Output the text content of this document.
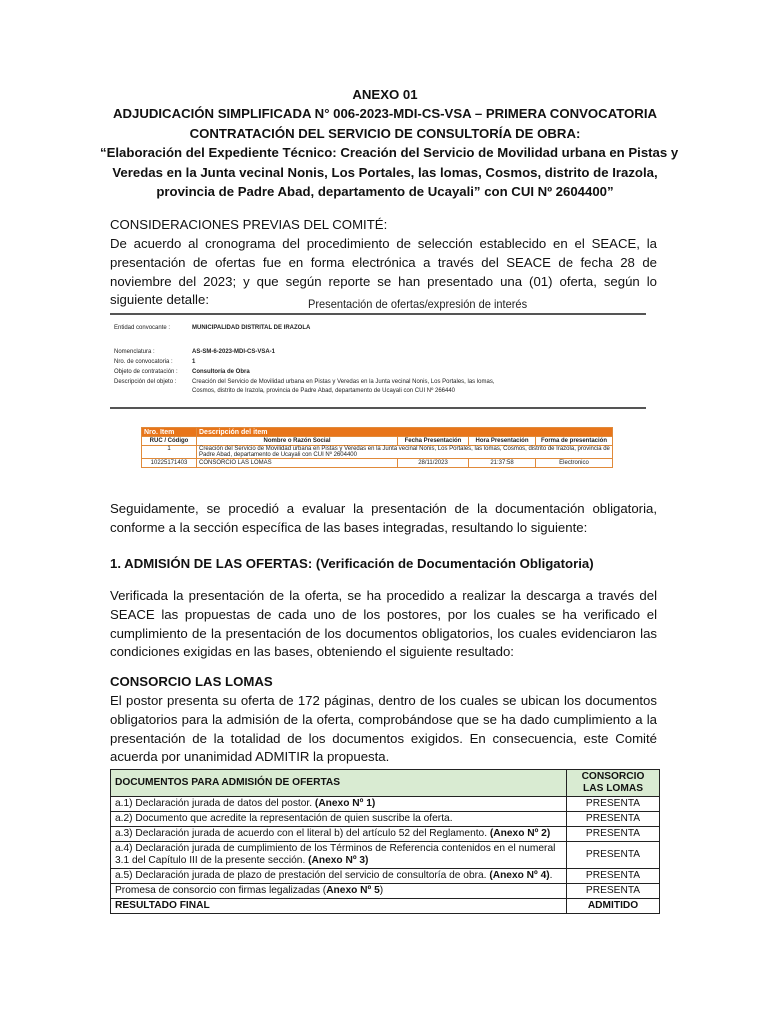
ANEXO 01
ADJUDICACIÓN SIMPLIFICADA N° 006-2023-MDI-CS-VSA – PRIMERA CONVOCATORIA
CONTRATACIÓN DEL SERVICIO DE CONSULTORÍA DE OBRA:
“Elaboración del Expediente Técnico: Creación del Servicio de Movilidad urbana en Pistas y
Veredas en la Junta vecinal Nonis, Los Portales, las lomas, Cosmos, distrito de Irazola,
provincia de Padre Abad, departamento de Ucayali” con CUI Nº 2604400”
CONSIDERACIONES PREVIAS DEL COMITÉ:
De acuerdo al cronograma del procedimiento de selección establecido en el SEACE, la presentación de ofertas fue en forma electrónica a través del SEACE de fecha 28 de noviembre del 2023; y que según reporte se han presentado una (01) oferta, según lo siguiente detalle:	Presentación de ofertas/expresión de interés
Entidad convocante :	MUNICIPALIDAD DISTRITAL DE IRAZOLA
Nomenclatura :	AS-SM-6-2023-MDI-CS-VSA-1
Nro. de convocatoria :	1
Objeto de contratación : Consultoría de Obra
Descripción del objeto :	Creación del Servicio de Movilidad urbana en Pistas y Veredas en la Junta vecinal Nonis, Los Portales, las lomas,
Cosmos, distrito de Irazola, provincia de Padre Abad, departamento de Ucayali con CUI Nº 266440
Nro. Item	Descripción del item			
RUC / Código	Nombre o Razón Social	Fecha Presentación	Hora Presentación	Forma de presentación
1	Creación del Servicio de Movilidad urbana en Pistas y Veredas en la Junta vecinal Nonis, Los Portales, las lomas, Cosmos, distrito de Irazola, provincia de
Padre Abad, departamento de Ucayali con CUI Nº 2604400			

10225171403	CONSORCIO LAS LOMAS	28/11/2023	21:37:58	Electronico
Seguidamente, se procedió a evaluar la presentación de la documentación obligatoria, conforme a la sección específica de las bases integradas, resultando lo siguiente:
1. ADMISIÓN DE LAS OFERTAS: (Verificación de Documentación Obligatoria)
Verificada la presentación de la oferta, se ha procedido a realizar la descarga a través del SEACE las propuestas de cada uno de los postores, por los cuales se ha verificado el cumplimiento de la presentación de los documentos obligatorios, los cuales evidenciaron las condiciones exigidas en las bases, obteniendo el siguiente resultado:
CONSORCIO LAS LOMAS
El postor presenta su oferta de 172 páginas, dentro de los cuales se ubican los documentos obligatorios para la admisión de la oferta, comprobándose que se ha dado cumplimiento a la presentación de la totalidad de los documentos exigidos. En consecuencia, este Comité acuerda por unanimidad ADMITIR la propuesta.
DOCUMENTOS PARA ADMISIÓN DE OFERTAS	CONSORCIO LAS LOMAS
a.1) Declaración jurada de datos del postor. (Anexo Nº 1)	PRESENTA
a.2) Documento que acredite la representación de quien suscribe la oferta.	PRESENTA
a.3) Declaración jurada de acuerdo con el literal b) del artículo 52 del Reglamento. (Anexo Nº 2)	PRESENTA
a.4) Declaración jurada de cumplimiento de los Términos de Referencia contenidos en el numeral 3.1 del Capítulo III de la presente sección. (Anexo Nº 3)	PRESENTA
a.5) Declaración jurada de plazo de prestación del servicio de consultoría de obra. (Anexo Nº 4).	PRESENTA
Promesa de consorcio con firmas legalizadas (Anexo Nº 5)	PRESENTA
RESULTADO FINAL	ADMITIDO
